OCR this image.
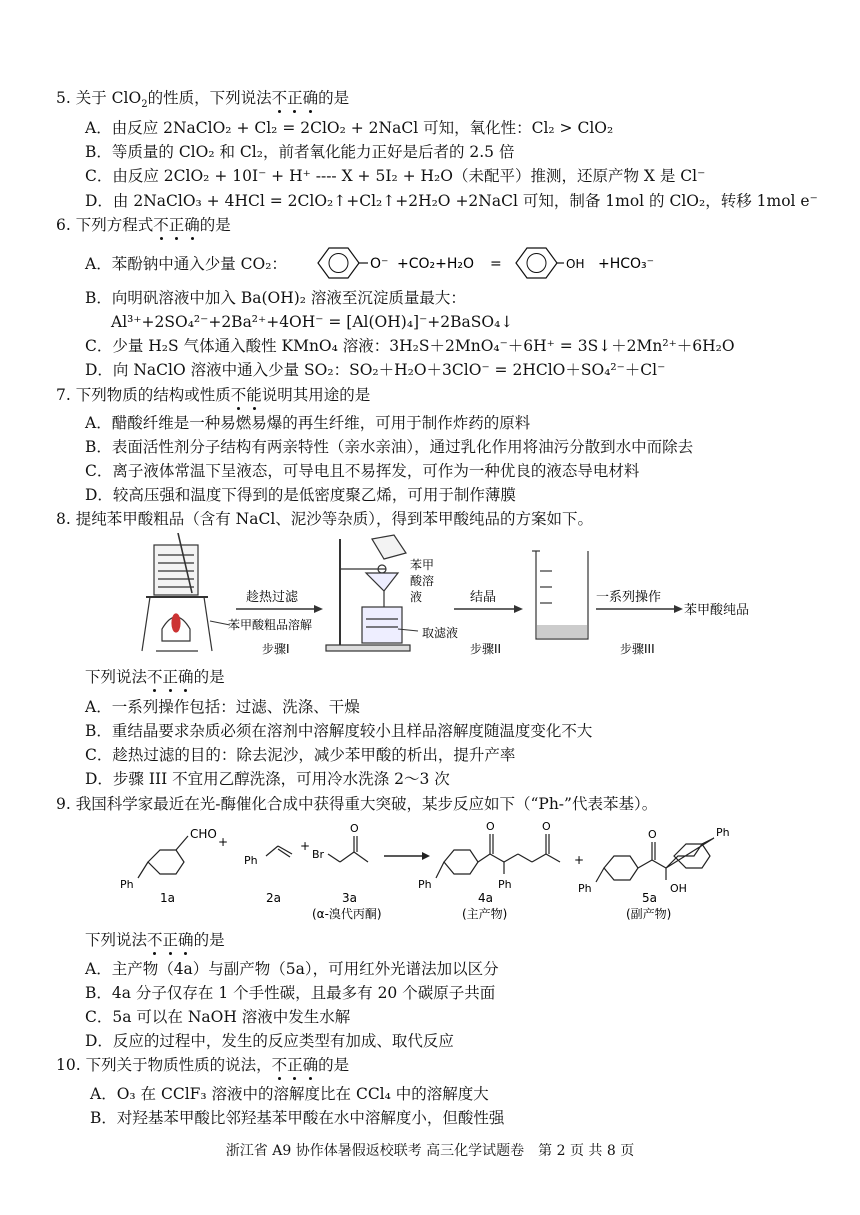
5. 关于 ClO$_2$的性质，下列说法不正确的是
A．由反应 2NaClO₂ + Cl₂ = 2ClO₂ + 2NaCl 可知，氧化性：Cl₂ > ClO₂
B．等质量的 ClO₂ 和 Cl₂，前者氧化能力正好是后者的 2.5 倍
C．由反应 2ClO₂ + 10I⁻ + H⁺ ---- X + 5I₂ + H₂O（未配平）推测，还原产物 X 是 Cl⁻
D．由 2NaClO₃ + 4HCl = 2ClO₂↑+Cl₂↑+2H₂O +2NaCl 可知，制备 1mol 的 ClO₂，转移 1mol e⁻
6. 下列方程式不正确的是
A．苯酚钠中通入少量 CO₂：	O⁻ +CO₂+H₂O =	OH +HCO₃⁻
B．向明矾溶液中加入 Ba(OH)₂ 溶液至沉淀质量最大：
Al³⁺+2SO₄²⁻+2Ba²⁺+4OH⁻ = [Al(OH)₄]⁻+2BaSO₄↓
C．少量 H₂S 气体通入酸性 KMnO₄ 溶液：3H₂S＋2MnO₄⁻＋6H⁺ = 3S↓＋2Mn²⁺＋6H₂O
D．向 NaClO 溶液中通入少量 SO₂：SO₂＋H₂O＋3ClO⁻ = 2HClO＋SO₄²⁻＋Cl⁻
7. 下列物质的结构或性质不能说明其用途的是
A．醋酸纤维是一种易燃易爆的再生纤维，可用于制作炸药的原料
B．表面活性剂分子结构有两亲特性（亲水亲油），通过乳化作用将油污分散到水中而除去
C．离子液体常温下呈液态，可导电且不易挥发，可作为一种优良的液态导电材料
D．较高压强和温度下得到的是低密度聚乙烯，可用于制作薄膜
8. 提纯苯甲酸粗品（含有 NaCl、泥沙等杂质），得到苯甲酸纯品的方案如下。
趁热过滤
苯甲酸粗品溶解
步骤I
苯甲
酸溶
液
取滤液
结晶
步骤II
一系列操作
苯甲酸纯品
步骤III
下列说法不正确的是
A．一系列操作包括：过滤、洗涤、干燥
B．重结晶要求杂质必须在溶剂中溶解度较小且样品溶解度随温度变化不大
C．趁热过滤的目的：除去泥沙，减少苯甲酸的析出，提升产率
D．步骤 III 不宜用乙醇洗涤，可用冷水洗涤 2～3 次
9. 我国科学家最近在光-酶催化合成中获得重大突破，某步反应如下（“Ph-”代表苯基）。
CHO
Ph
+
Ph
+
Br
O	O	O
Ph	Ph
+
O
Ph	OH
Ph
1a	2a	3a
(α-溴代丙酮)
4a
(主产物)
5a
(副产物)
下列说法不正确的是
A．主产物（4a）与副产物（5a），可用红外光谱法加以区分
B．4a 分子仅存在 1 个手性碳，且最多有 20 个碳原子共面
C．5a 可以在 NaOH 溶液中发生水解
D．反应的过程中，发生的反应类型有加成、取代反应
10. 下列关于物质性质的说法，不正确的是
A．O₃ 在 CClF₃ 溶液中的溶解度比在 CCl₄ 中的溶解度大
B．对羟基苯甲酸比邻羟基苯甲酸在水中溶解度小，但酸性强
浙江省 A9 协作体暑假返校联考 高三化学试题卷　第 2 页 共 8 页
